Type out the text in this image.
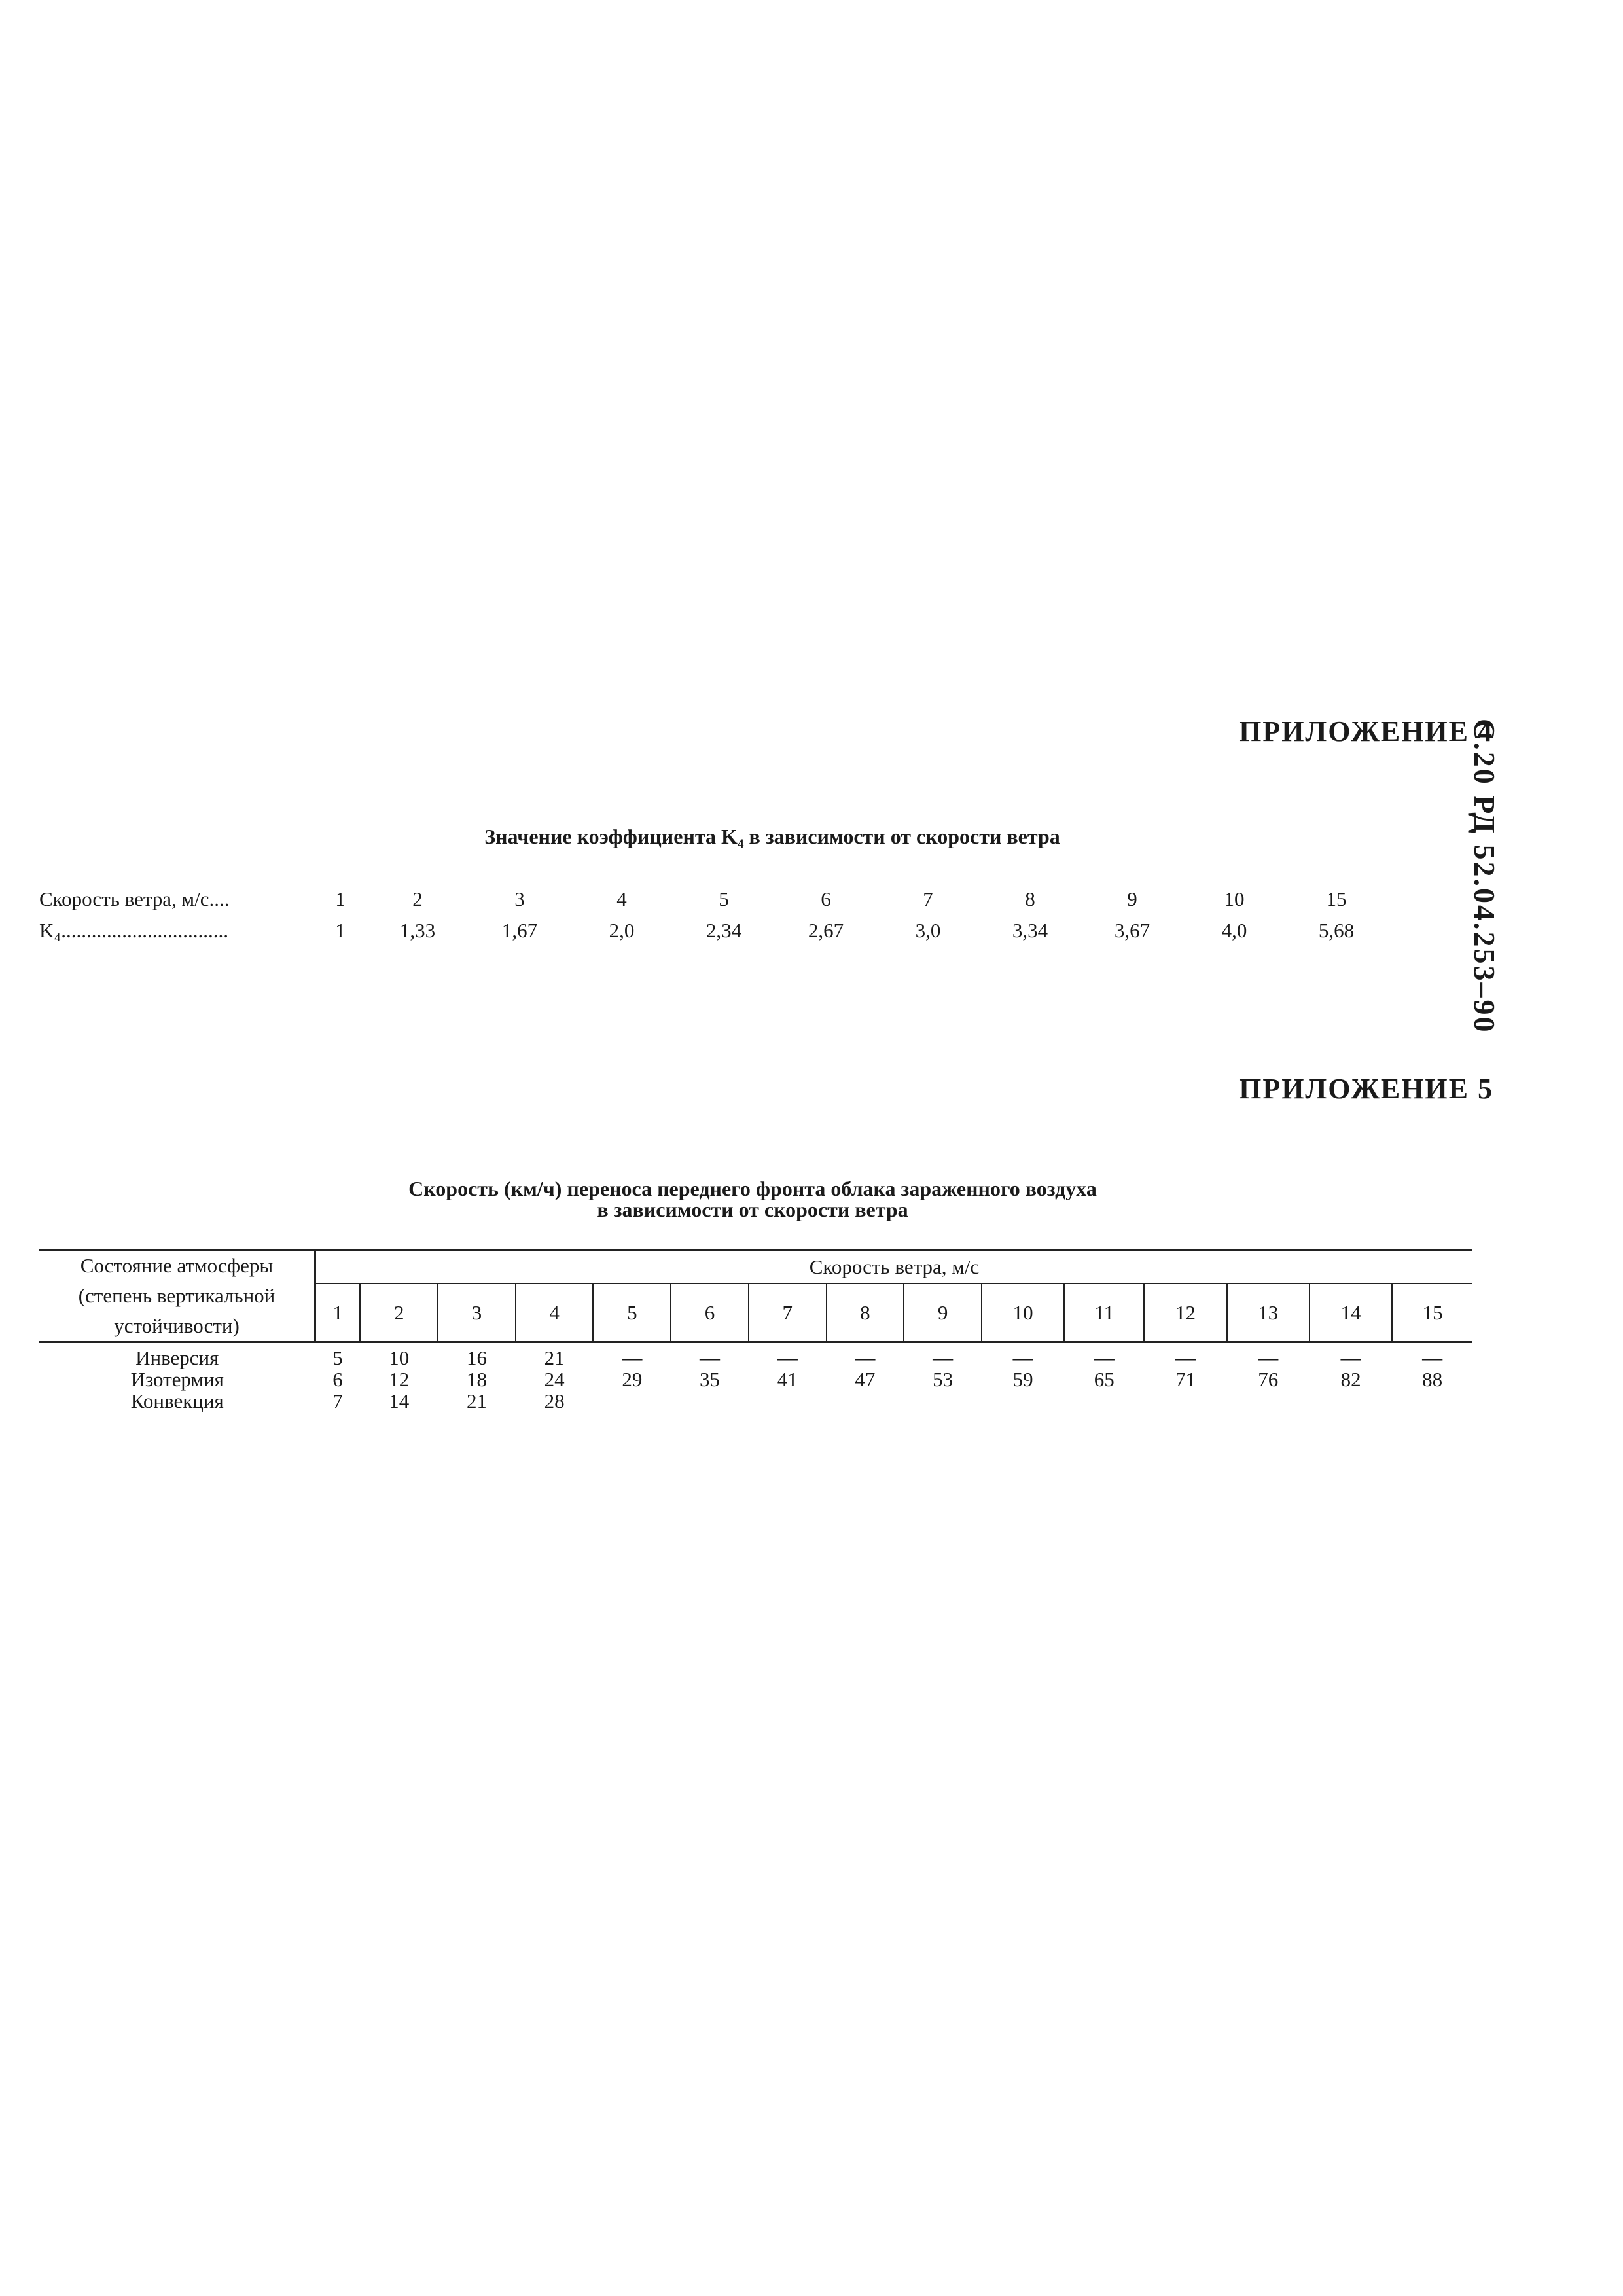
С.20 РД 52.04.253–90
ПРИЛОЖЕНИЕ 4
Значение коэффициента K₄ в зависимости от скорости ветра
Скорость ветра, м/с....	1	2	3	4	5	6	7	8	9	10	15
K₄.................................	1	1,33	1,67	2,0	2,34	2,67	3,0	3,34	3,67	4,0	5,68
ПРИЛОЖЕНИЕ 5
Скорость (км/ч) переноса переднего фронта облака зараженного воздуха
в зависимости от скорости ветра
Состояние атмосферы
(степень вертикальной
устойчивости)	Скорость ветра, м/с														
	1	2	3	4	5	6	7	8	9	10	11	12	13	14	15
Инверсия	5	10	16	21	—	—	—	—	—	—	—	—	—	—	—
Изотермия	6	12	18	24	29	35	41	47	53	59	65	71	76	82	88
Конвекция	7	14	21	28											
